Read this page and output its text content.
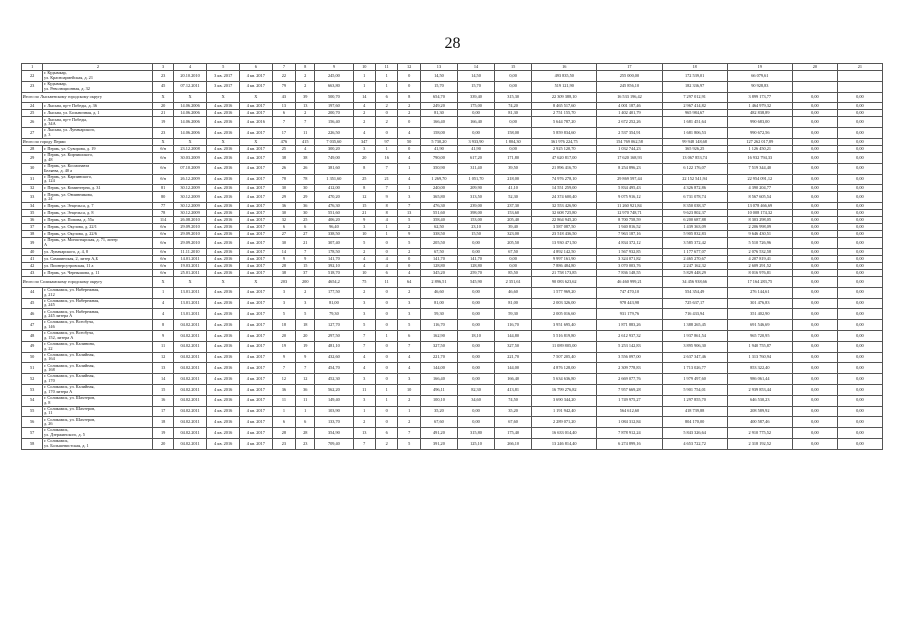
28
1	2	3	4	5	6	7	8	9	10	11	12	13	14	15	16	17	18	19	20	21
22	г. Кудымкар,
ул. Красноармейская, д. 21	23	20.10.2010	3 кв. 2017	4 кв. 2017	22	2	245,00	1	1	0	14,50	14,50	0,00	493 835,50	255 000,00	172 539,01	66 079,61		
23	г. Кудымкар,
ул. Революционная, д. 32	45	07.12.2011	3 кв. 2017	4 кв. 2017	79	2	663,80	1	1	0	15,70	15,70	0,00	519 121,90	245 856,10	182 336,97	90 928,83		
Итого по Лысьвенскому городскому округу		X	X	X	X	43	39	500,70	14	6	8	654,70	339,40	315,30	22 309 388,10	16 533 196,42	7 297 012,91	3 899 173,77	0,00	0,00
24	г. Лысьва, пр-т Победы, д. 36	20	14.06.2006	4 кв. 2016	4 кв. 2017	13	13	197,60	4	2	2	249,20	175,00	74,20	8 465 517,60	4 001 187,46	2 967 414,82	1 464 979,32	0,00	0,00
25	г. Лысьва, ул. Больничная, д. 1	21	14.06.2006	4 кв. 2016	4 кв. 2017	6	2	200,70	2	0	2	81,30	0,00	81,30	2 751 155,70	1 402 401,79	965 984,67	482 838,89	0,00	0,00
26	г. Лысьва, пр-т Победы,
д. 34А	19	14.06.2006	4 кв. 2016	4 кв. 2016	7	7	156,40	2	2	0	166,40	166,40	0,00	5 644 787,20	2 672 252,26	1 681 451,64	990 683,00	0,00	0,00
27	г. Лысьва, ул. Луначарского,
д. 3	23	14.06.2006	4 кв. 2016	4 кв. 2017	17	11	226,50	4	0	4	158,00	0,00	158,00	5 859 834,60	2 537 354,91	1 681 806,53	990 672,56	0,00	0,00
Итого по городу Перми		X	X	X	X	476	415	7 035,60	347	97	50	5 730,20	3 933,90	1 804,30	361 976 224,75	154 769 062,58	99 948 148,68	127 262 017,89	0,00	0,00
28	г. Пермь, ул. Суворова, д. 19	б/н	23.12.2008	4 кв. 2016	4 кв. 2017	25	4	300,20	3	1	0	41,90	41,90	0,00	2 925 120,70	1 032 744,23	365 926,25	1 126 450,21	0,00	0,00
29	г. Пермь, ул. Кирчишского,
д. 48	б/н	30.03.2009	4 кв. 2016	4 кв. 2017	38	38	749,00	20	16	4	790,00	617,20	171,80	47 620 817,00	17 620 168,93	13 067 853,74	16 932 794,33	0,00	0,00
30	г. Пермь, ул. Космонавта
Беляева, д. 40 а	б/н	07.10.2009	4 кв. 2016	4 кв. 2017	26	26	381,60	8	7	1	350,90	311,40	39,50	21 896 416,70	8 254 896,23	6 122 176,07	7 519 344,40	0,00	0,00
31	г. Пермь, ул. Карпинского,
д. 124	б/н	26.12.2009	4 кв. 2016	4 кв. 2017	78	78	1 351,60	25	21	4	1 269,70	1 051,70	218,00	74 976 278,10	29 869 597,44	22 152 541,94	22 954 091,12	0,00	0,00
32	г. Пермь, ул. Коминтерна, д. 31	81	30.12.2009	4 кв. 2016	4 кв. 2017	30	30	412,00	8	7	1	240,00	209,90	41,10	14 551 259,00	5 834 495,43	4 326 872,86	4 390 204,77	0,00	0,00
33	г. Пермь, ул. Овчинникова,
д. 24	80	30.12.2009	4 кв. 2016	4 кв. 2017	29	29	470,20	12	9	3	365,80	313,50	52,30	24 374 600,40	9 075 916,12	6 731 078,74	8 567 605,54	0,00	0,00
34	г. Пермь, ул. Энцельса, д. 7	77	30.12.2009	4 кв. 2016	4 кв. 2017	36	36	476,30	15	8	7	476,30	239,00	237,30	32 553 426,90	11 260 921,84	8 350 038,37	13 078 466,69	0,00	0,00
35	г. Пермь, ул. Энцельса, д. 8	78	30.12.2009	4 кв. 2016	4 кв. 2017	30	30	551,60	21	8	13	551,60	398,00	153,60	32 608 725,80	12 970 748,71	9 623 802,37	10 008 174,32	0,00	0,00
36	г. Пермь, ул. Попова, д. 55а	114	26.08.2010	4 кв. 2016	4 кв. 2017	32	25	406,20	9	4	5	358,40	153,00	205,40	22 864 945,20	8 700 758,59	6 200 687,88	8 303 298,05	0,00	0,00
37	г. Пермь, ул. Окулова, д. 22/1	б/н	29.09.2010	4 кв. 2016	4 кв. 2017	6	6	96,40	3	1	2	62,50	23,10	39,40	3 587 087,50	1 940 816,52	1 439 363,09	2 206 998,09	0,00	0,00
38	г. Пермь, ул. Окулова, д. 22/6	б/н	29.09.2010	4 кв. 2016	4 кв. 2017	27	27	338,50	10	1	9	338,50	15,50	323,00	23 518 436,50	7 963 187,16	5 905 832,83	9 646 430,51	0,00	0,00
39	г. Пермь, ул. Монастырская, д. 71, литер
А	б/н	29.09.2010	4 кв. 2016	4 кв. 2017	30	21	307,40	5	0	5	205,50	0,00	205,50	13 930 471,50	4 834 372,12	3 585 372,42	5 510 726,96	0,00	0,00
40	ул. Луначарского, д. 4, 8	б/н	11.11.2010	4 кв. 2016	4 кв. 2017	14	7	178,50	2	0	2	67,50	0,00	67,50	4 892 142,50	1 567 932,85	1 177 677,07	2 076 532,58	0,00	0,00
41	ул. Самшинская, 2, литер А,Б	б/н	14.01.2011	4 кв. 2016	4 кв. 2017	9	9	141,70	4	4	0	141,70	141,70	0,00	9 997 161,90	3 324 071,82	2 465 270,67	4 207 819,41	0,00	0,00
42	ул. Пионерсутровская, 11 а	б/н	19.03.2011	4 кв. 2016	4 кв. 2017	28	15	392,10	4	4	0	128,80	128,80	0,00	7 886 484,80	3 070 003,76	2 247 162,32	2 609 291,52	0,00	0,00
43	г. Пермь, ул. Чернышова, д. 11	б/н	25.01.2011	4 кв. 2016	4 кв. 2017	38	37	518,70	10	6	4	345,20	259,70	85,50	21 758 173,85	7 836 148,55	5 829 448,29	8 016 976,81	0,00	0,00
Итого по Соликамскому городскому округу		X	X	X	X	203	200	4654,2	75	11	64	2 896,51	545,90	2 351,61	90 083 623,62	46 460 999,21	34 456 938,66	17 164 283,75	0,00	0,00
44	г. Соликамск, ул. Набережная,
д. 212	1	13.01.2011	4 кв. 2016	4 кв. 2017	3	2	177,50	2	0	2	46,60	0,00	46,60	1 577 969,20	747 470,10	554 354,49	276 144,61	0,00	0,00
45	г. Соликамск, ул. Набережная,
д. 245	4	13.01.2011	4 кв. 2016	4 кв. 2017	3	3	81,00	3	0	3	81,00	0,00	81,00	2 003 326,00	978 443,98	725 637,17	301 476,83	0,00	0,00
46	г. Соликамск, ул. Набережная,
д. 245 литера А	4	13.01.2011	4 кв. 2016	4 кв. 2017	5	5	79,30	3	0	3	59,30	0,00	59,30	2 005 016,60	931 179,76	716 433,94	351 402,90	0,00	0,00
47	г. Соликамск, ул. Всеобуча,
д. 146	8	04.02.2011	4 кв. 2016	4 кв. 2017	18	18	127,70	5	0	5	116,70	0,00	116,70	3 951 695,40	1 871 883,26	1 388 265,45	691 546,69	0,00	0,00
48	г. Соликамск, ул. Всеобуча,
д. 152, литера А	9	04.02.2011	4 кв. 2016	4 кв. 2017	20	20	297,50	7	1	6	162,90	18,10	144,80	5 516 819,80	2 612 937,32	1 937 861,54	965 720,95	0,00	0,00
49	г. Соликамск, ул. Калинина,
д. 22	11	04.02.2011	4 кв. 2016	4 кв. 2017	19	19	481,10	7	0	7	327,50	0,00	327,50	11 089 805,00	5 253 142,83	3 895 906,30	1 940 755,87	0,00	0,00
50	г. Соликамск, ул. Калийная,
д. 164	12	04.02.2011	4 кв. 2016	4 кв. 2017	9	9	432,60	4	0	4	221,70	0,00	221,70	7 507 205,40	3 556 097,00	2 637 347,46	1 313 760,94	0,00	0,00
51	г. Соликамск, ул. Калийная,
д. 168	13	04.02.2011	4 кв. 2016	4 кв. 2017	7	7	454,70	4	0	4	144,00	0,00	144,00	4 876 128,00	2 309 778,83	1 713 026,77	853 322,40	0,00	0,00
52	г. Соликамск, ул. Калийная,
д. 170	14	04.02.2011	4 кв. 2016	4 кв. 2017	12	12	452,30	3	0	3	166,40	0,00	166,40	5 634 636,80	2 669 077,76	1 979 497,60	986 061,44	0,00	0,00
53	г. Соликамск, ул. Калийная,
д. 170 литера А	15	04.02.2011	4 кв. 2016	4 кв. 2017	36	36	562,20	11	1	10	496,11	82,30	413,81	16 799 276,82	7 957 669,28	5 901 754,01	2 939 853,44	0,00	0,00
54	г. Соликамск, ул. Шахтеров,
д. 8	16	04.02.2011	4 кв. 2016	4 кв. 2017	11	11	149,40	3	1	2	100,10	34,60	74,50	3 690 344,20	1 749 975,27	1 297 855,70	646 530,23	0,00	0,00
55	г. Соликамск, ул. Шахтеров,
д. 11	17	04.02.2011	4 кв. 2016	4 кв. 2017	1	1	103,90	1	0	1	35,20	0,00	35,20	1 191 942,40	564 612,60	418 739,88	208 589,92	0,00	0,00
56	г. Соликамск, ул. Шахтеров,
д. 26	18	04.02.2011	4 кв. 2016	4 кв. 2017	6	6	133,70	2	0	2	67,60	0,00	67,60	2 289 071,20	1 084 312,84	804 170,00	400 587,46	0,00	0,00
57	г. Соликамск,
ул. Дзержинского, д. 5	19	04.02.2011	4 кв. 2016	4 кв. 2017	28	28	354,90	13	6	7	491,20	315,80	175,40	16 633 014,40	7 878 912,24	5 843 326,64	2 910 775,52	0,00	0,00
58	г. Соликамск,
ул. Большевистская, д. 1	20	04.02.2011	4 кв. 2016	4 кв. 2017	23	23	709,40	7	2	5	391,20	125,10	266,10	13 246 814,40	6 274 899,16	4 653 722,72	2 318 192,52	0,00	0,00
